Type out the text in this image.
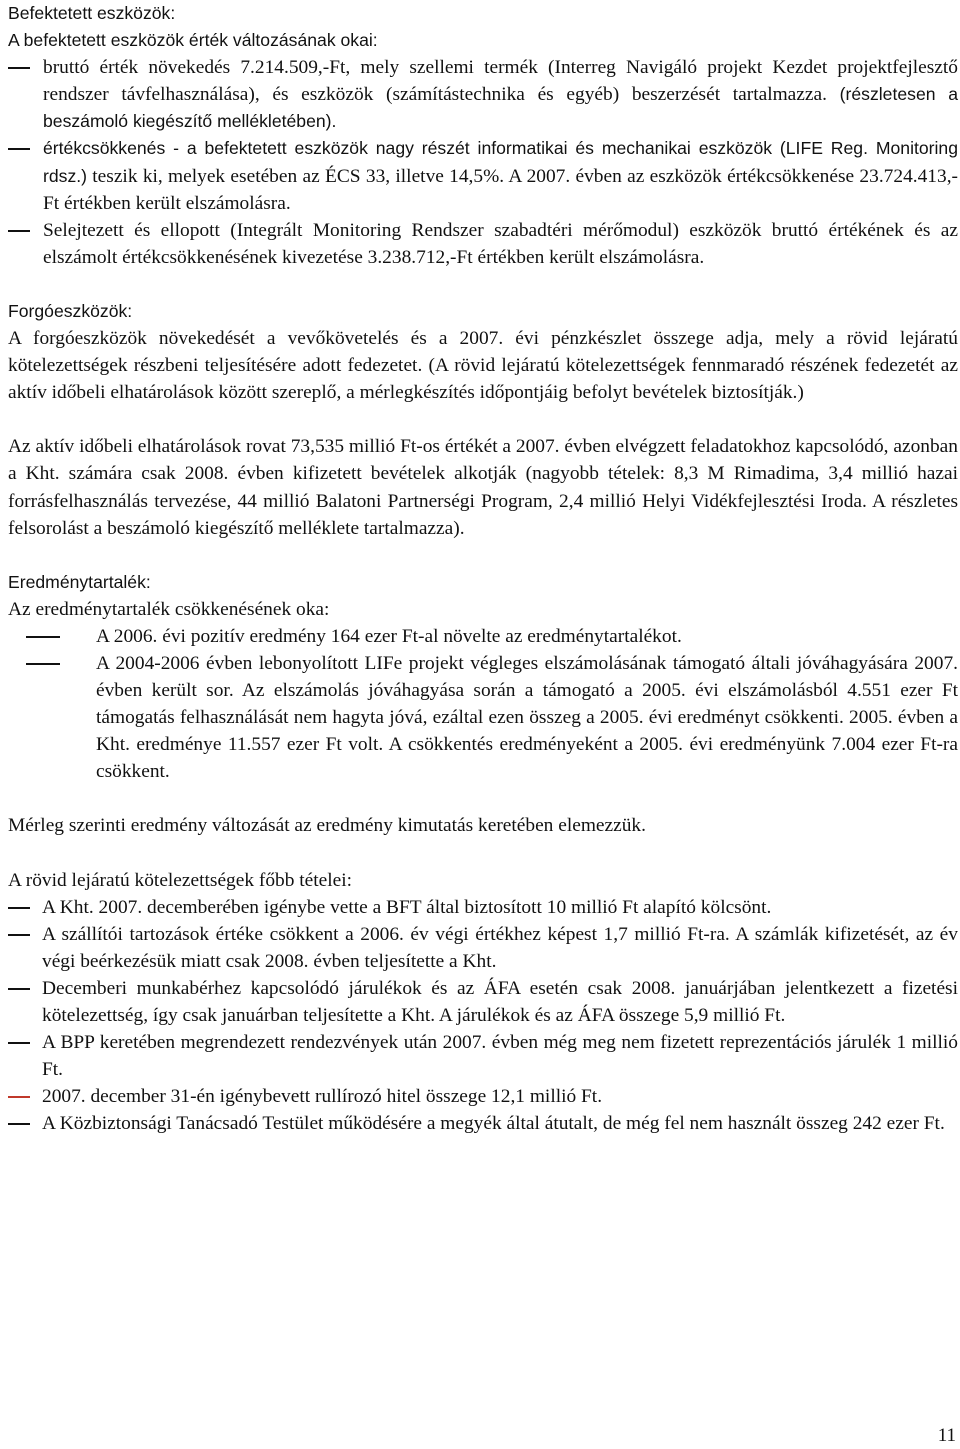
Befektetett eszközök:
A befektetett eszközök érték változásának okai:
bruttó érték növekedés 7.214.509,-Ft, mely szellemi termék (Interreg Navigáló projekt Kezdet projektfejlesztő rendszer távfelhasználása), és eszközök (számítástechnika és egyéb) beszerzését tartalmazza. (részletesen a beszámoló kiegészítő mellékletében).
értékcsökkenés - a befektetett eszközök nagy részét informatikai és mechanikai eszközök (LIFE Reg. Monitoring rdsz.) teszik ki, melyek esetében az ÉCS 33, illetve 14,5%. A 2007. évben az eszközök értékcsökkenése 23.724.413,-Ft értékben került elszámolásra.
Selejtezett és ellopott (Integrált Monitoring Rendszer szabadtéri mérőmodul) eszközök bruttó értékének és az elszámolt értékcsökkenésének kivezetése 3.238.712,-Ft értékben került elszámolásra.
Forgóeszközök:

A forgóeszközök növekedését a vevőkövetelés és a 2007. évi pénzkészlet összege adja, mely a rövid lejáratú kötelezettségek részbeni teljesítésére adott fedezetet. (A rövid lejáratú kötelezettségek fennmaradó részének fedezetét az aktív időbeli elhatárolások között szereplő, a mérlegkészítés időpontjáig befolyt bevételek biztosítják.)

Az aktív időbeli elhatárolások rovat 73,535 millió Ft-os értékét a 2007. évben elvégzett feladatokhoz kapcsolódó, azonban a Kht. számára csak 2008. évben kifizetett bevételek alkotják (nagyobb tételek: 8,3 M Rimadima, 3,4 millió hazai forrásfelhasználás tervezése, 44 millió Balatoni Partnerségi Program, 2,4 millió Helyi Vidékfejlesztési Iroda. A részletes felsorolást a beszámoló kiegészítő melléklete tartalmazza).

Eredménytartalék:
Az eredménytartalék csökkenésének oka:
A 2006. évi pozitív eredmény 164 ezer Ft-al növelte az eredménytartalékot.
A 2004-2006 évben lebonyolított LIFe projekt végleges elszámolásának támogató általi jóváhagyására 2007. évben került sor. Az elszámolás jóváhagyása során a támogató a 2005. évi elszámolásból 4.551 ezer Ft támogatás felhasználását nem hagyta jóvá, ezáltal ezen összeg a 2005. évi eredményt csökkenti. 2005. évben a Kht. eredménye 11.557 ezer Ft volt. A csökkentés eredményeként a 2005. évi eredményünk 7.004 ezer Ft-ra csökkent.

Mérleg szerinti eredmény változását az eredmény kimutatás keretében elemezzük.

A rövid lejáratú kötelezettségek főbb tételei:
A Kht. 2007. decemberében igénybe vette a BFT által biztosított 10 millió Ft alapító kölcsönt.
A szállítói tartozások értéke csökkent a 2006. év végi értékhez képest 1,7 millió Ft-ra. A számlák kifizetését, az év végi beérkezésük miatt csak 2008. évben teljesítette a Kht.
Decemberi munkabérhez kapcsolódó járulékok és az ÁFA esetén csak 2008. januárjában jelentkezett a fizetési kötelezettség, így csak januárban teljesítette a Kht. A járulékok és az ÁFA összege 5,9 millió Ft.
A BPP keretében megrendezett rendezvények után 2007. évben még meg nem fizetett reprezentációs járulék 1 millió Ft.
2007. december 31-én igénybevett rullírozó hitel összege 12,1 millió Ft.
A Közbiztonsági Tanácsadó Testület működésére a megyék által átutalt, de még fel nem használt összeg 242 ezer Ft.
11
